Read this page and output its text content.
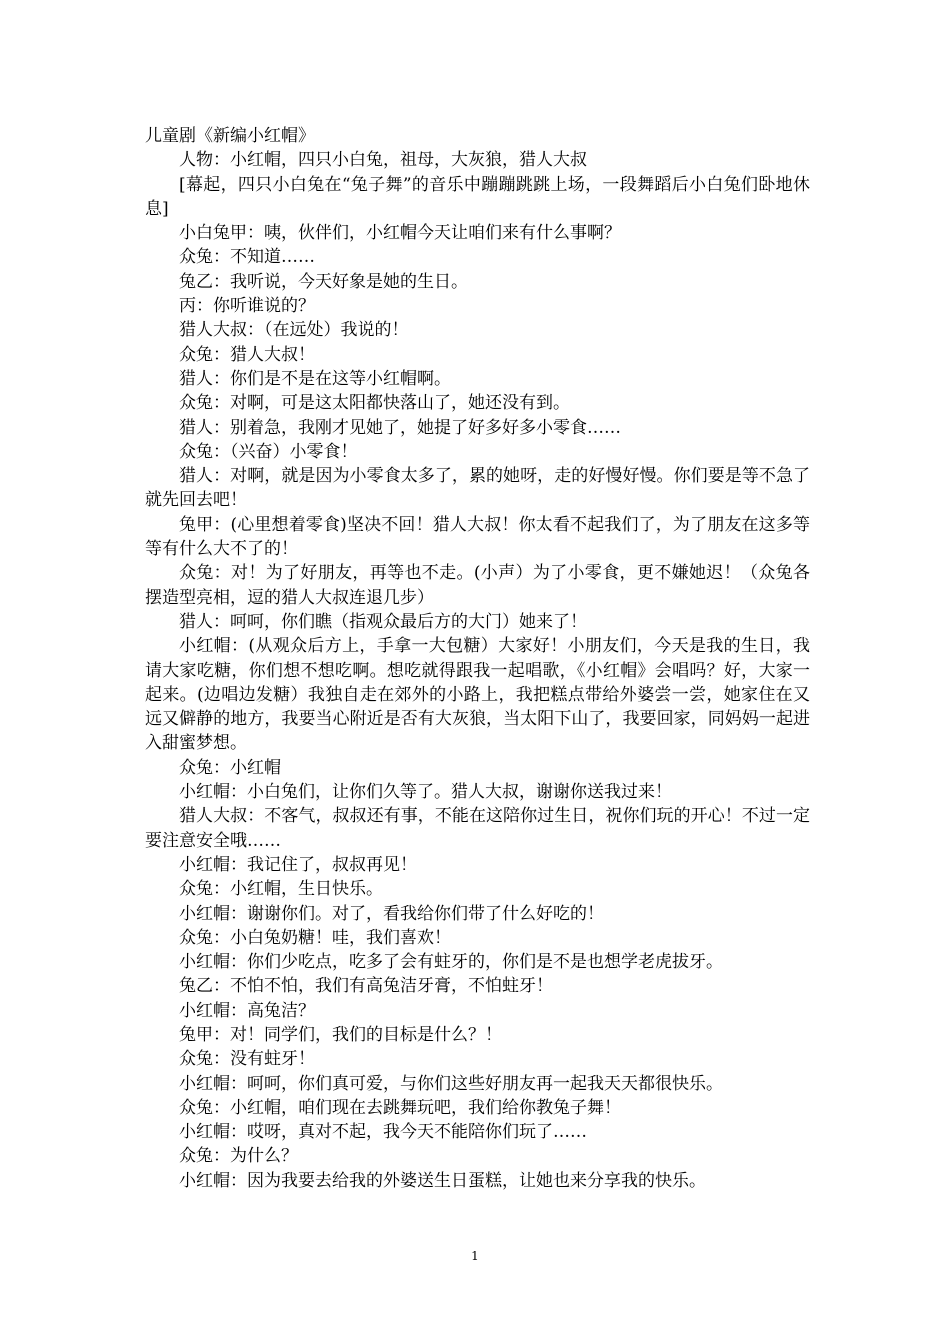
儿童剧《新编小红帽》

人物：小红帽，四只小白兔，祖母，大灰狼，猎人大叔

[幕起，四只小白兔在“兔子舞”的音乐中蹦蹦跳跳上场，一段舞蹈后小白兔们卧地休息]

小白兔甲：咦，伙伴们，小红帽今天让咱们来有什么事啊？

众兔：不知道……

兔乙：我听说，今天好象是她的生日。

丙：你听谁说的？

猎人大叔：（在远处）我说的！

众兔：猎人大叔！

猎人：你们是不是在这等小红帽啊。

众兔：对啊，可是这太阳都快落山了，她还没有到。

猎人：别着急，我刚才见她了，她提了好多好多小零食……

众兔：（兴奋）小零食！

猎人：对啊，就是因为小零食太多了，累的她呀，走的好慢好慢。你们要是等不急了就先回去吧！

兔甲：(心里想着零食)坚决不回！猎人大叔！你太看不起我们了，为了朋友在这多等等有什么大不了的！

众兔：对！为了好朋友，再等也不走。(小声）为了小零食，更不嫌她迟！（众兔各摆造型亮相，逗的猎人大叔连退几步）

猎人：呵呵，你们瞧（指观众最后方的大门）她来了！

小红帽：(从观众后方上，手拿一大包糖）大家好！小朋友们，今天是我的生日，我请大家吃糖，你们想不想吃啊。想吃就得跟我一起唱歌，《小红帽》会唱吗？好，大家一起来。(边唱边发糖）我独自走在郊外的小路上，我把糕点带给外婆尝一尝，她家住在又远又僻静的地方，我要当心附近是否有大灰狼，当太阳下山了，我要回家，同妈妈一起进入甜蜜梦想。

众兔：小红帽

小红帽：小白兔们，让你们久等了。猎人大叔，谢谢你送我过来！

猎人大叔：不客气，叔叔还有事，不能在这陪你过生日，祝你们玩的开心！不过一定要注意安全哦……

小红帽：我记住了，叔叔再见！

众兔：小红帽，生日快乐。

小红帽：谢谢你们。对了，看我给你们带了什么好吃的！

众兔：小白兔奶糖！哇，我们喜欢！

小红帽：你们少吃点，吃多了会有蛀牙的，你们是不是也想学老虎拔牙。

兔乙：不怕不怕，我们有高兔洁牙膏，不怕蛀牙！

小红帽：高兔洁？

兔甲：对！同学们，我们的目标是什么？！

众兔：没有蛀牙！

小红帽：呵呵，你们真可爱，与你们这些好朋友再一起我天天都很快乐。

众兔：小红帽，咱们现在去跳舞玩吧，我们给你教兔子舞！

小红帽：哎呀，真对不起，我今天不能陪你们玩了……

众兔：为什么？

小红帽：因为我要去给我的外婆送生日蛋糕，让她也来分享我的快乐。

1
